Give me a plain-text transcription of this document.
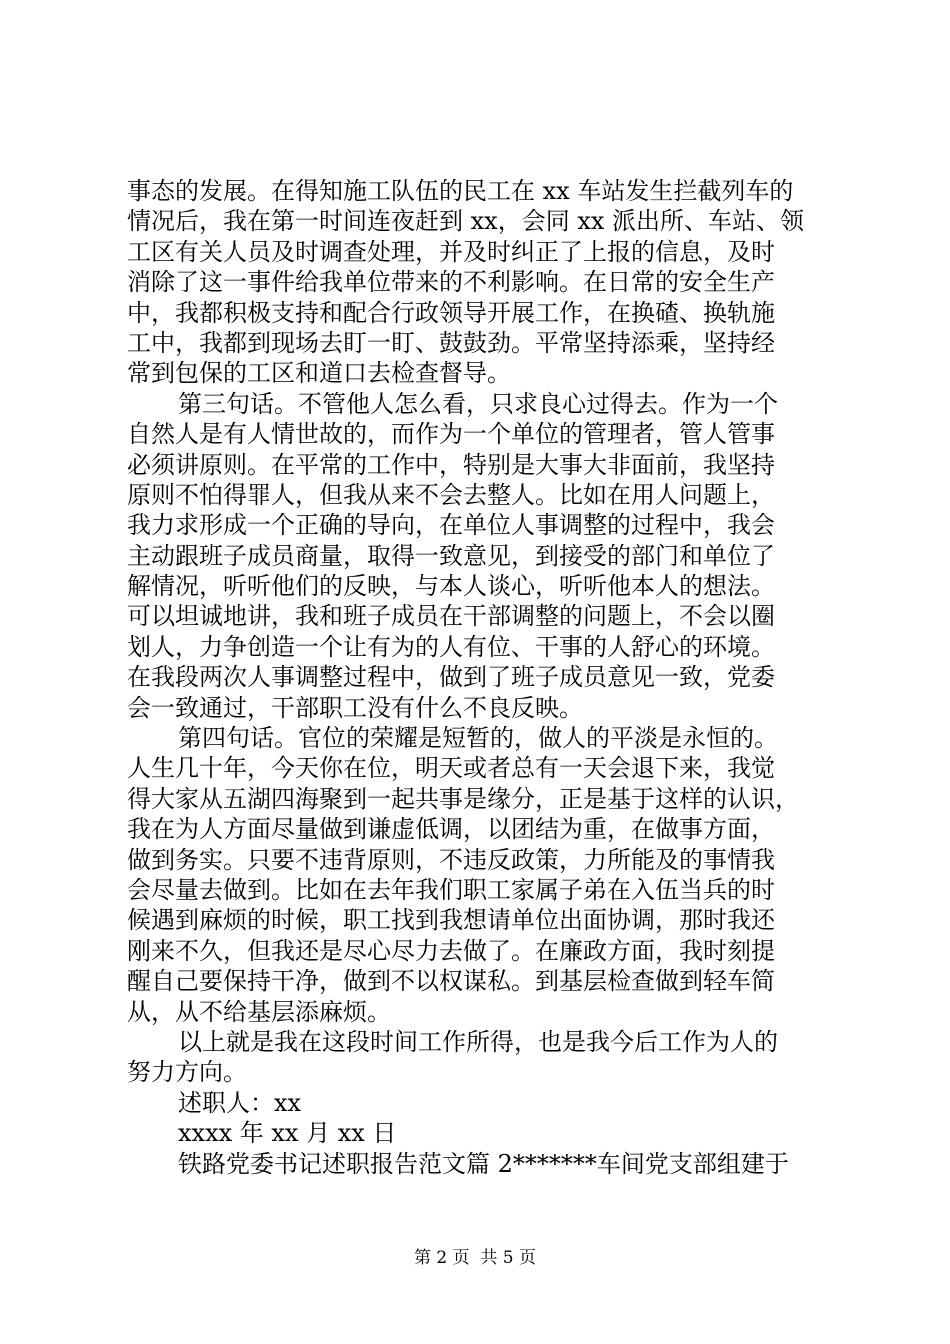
事态的发展。在得知施工队伍的民工在 xx 车站发生拦截列车的
情况后，我在第一时间连夜赶到 xx，会同 xx 派出所、车站、领
工区有关人员及时调查处理，并及时纠正了上报的信息，及时
消除了这一事件给我单位带来的不利影响。在日常的安全生产
中，我都积极支持和配合行政领导开展工作，在换碴、换轨施
工中，我都到现场去盯一盯、鼓鼓劲。平常坚持添乘，坚持经
常到包保的工区和道口去检查督导。
第三句话。不管他人怎么看，只求良心过得去。作为一个
自然人是有人情世故的，而作为一个单位的管理者，管人管事
必须讲原则。在平常的工作中，特别是大事大非面前，我坚持
原则不怕得罪人，但我从来不会去整人。比如在用人问题上，
我力求形成一个正确的导向，在单位人事调整的过程中，我会
主动跟班子成员商量，取得一致意见，到接受的部门和单位了
解情况，听听他们的反映，与本人谈心，听听他本人的想法。
可以坦诚地讲，我和班子成员在干部调整的问题上，不会以圈
划人，力争创造一个让有为的人有位、干事的人舒心的环境。
在我段两次人事调整过程中，做到了班子成员意见一致，党委
会一致通过，干部职工没有什么不良反映。
第四句话。官位的荣耀是短暂的，做人的平淡是永恒的。
人生几十年，今天你在位，明天或者总有一天会退下来，我觉
得大家从五湖四海聚到一起共事是缘分，正是基于这样的认识，
我在为人方面尽量做到谦虚低调，以团结为重，在做事方面，
做到务实。只要不违背原则，不违反政策，力所能及的事情我
会尽量去做到。比如在去年我们职工家属子弟在入伍当兵的时
候遇到麻烦的时候，职工找到我想请单位出面协调，那时我还
刚来不久，但我还是尽心尽力去做了。在廉政方面，我时刻提
醒自己要保持干净，做到不以权谋私。到基层检查做到轻车简
从，从不给基层添麻烦。
以上就是我在这段时间工作所得，也是我今后工作为人的
努力方向。
述职人：xx
xxxx 年 xx 月 xx 日
铁路党委书记述职报告范文篇 2*******车间党支部组建于
第 2 页  共 5 页
